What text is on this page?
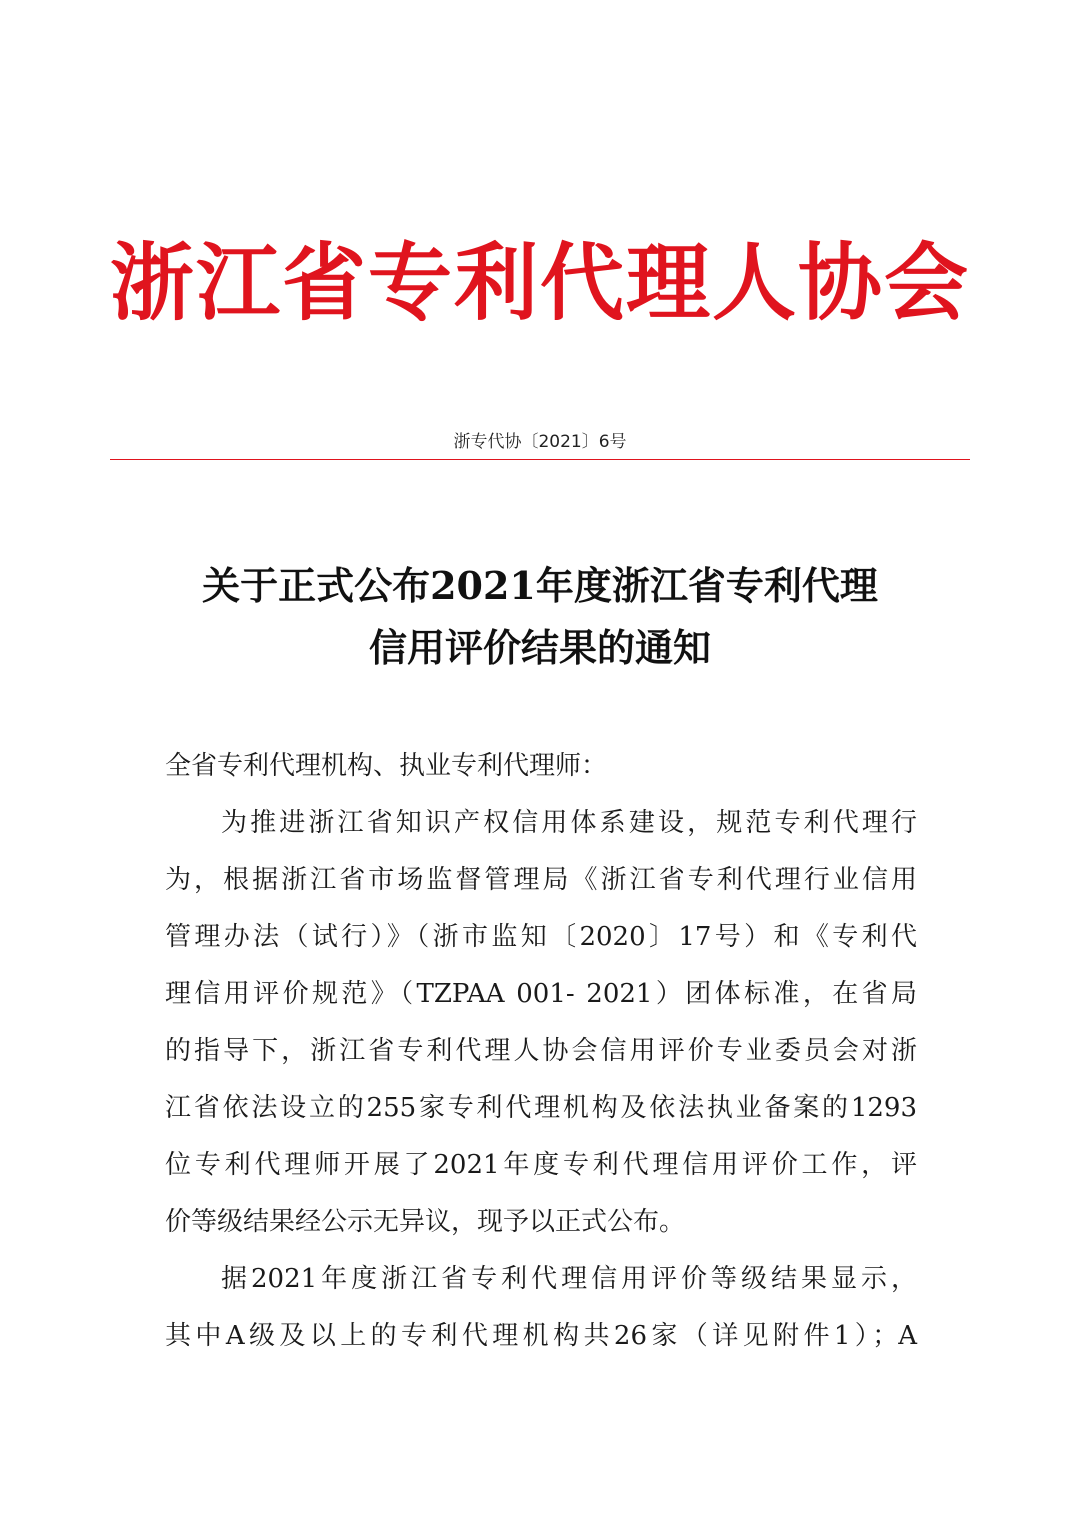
浙江省专利代理人协会
浙专代协〔2021〕6号
关于正式公布2021年度浙江省专利代理
信用评价结果的通知
全省专利代理机构、执业专利代理师：
为推进浙江省知识产权信用体系建设，规范专利代理行
为，根据浙江省市场监督管理局《浙江省专利代理行业信用
管理办法（试行）》（浙市监知〔2020〕17号）和《专利代
理信用评价规范》（TZPAA 001- 2021）团体标准，在省局
的指导下，浙江省专利代理人协会信用评价专业委员会对浙
江省依法设立的255家专利代理机构及依法执业备案的1293
位专利代理师开展了2021年度专利代理信用评价工作，评
价等级结果经公示无异议，现予以正式公布。
据2021年度浙江省专利代理信用评价等级结果显示，
其中A级及以上的专利代理机构共26家（详见附件1）；A
